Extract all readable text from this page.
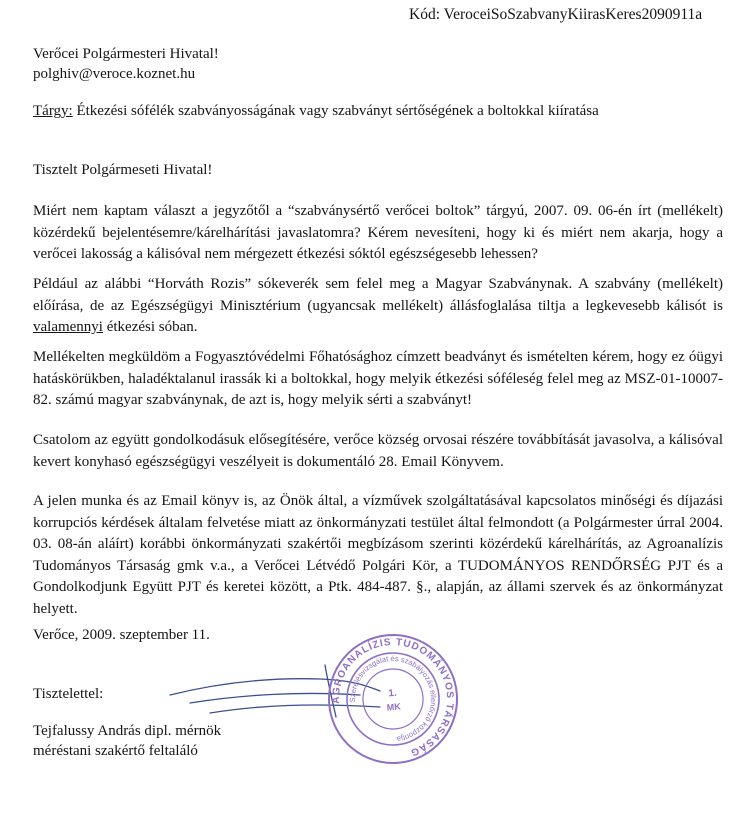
Kód: VeroceiSoSzabvanyKiirasKeres2090911a
Verőcei Polgármesteri Hivatal!
polghiv@veroce.koznet.hu
Tárgy: Étkezési sófélék szabványosságának vagy szabványt sértőségének a boltokkal kiíratása
Tisztelt Polgármeseti Hivatal!
Miért nem kaptam választ a jegyzőtől a “szabványsértő verőcei boltok” tárgyú, 2007. 09. 06-én írt (mellékelt) közérdekű bejelentésemre/kárelhárítási javaslatomra? Kérem nevesíteni, hogy ki és miért nem akarja, hogy a verőcei lakosság a kálisóval nem mérgezett étkezési sóktól egészségesebb lehessen?
Például az alábbi “Horváth Rozis” sókeverék sem felel meg a Magyar Szabványnak. A szabvány (mellékelt) előírása, de az Egészségügyi Minisztérium (ugyancsak mellékelt) állásfoglalása tiltja a legkevesebb kálisót is valamennyi étkezési sóban.
Mellékelten megküldöm a Fogyasztóvédelmi Főhatósághoz címzett beadványt és ismételten kérem, hogy ez óügyi hatáskörükben, haladéktalanul irassák ki a boltokkal, hogy melyik étkezési sóféleség felel meg az MSZ-01-10007-82. számú magyar szabványnak, de azt is, hogy melyik sérti a szabványt!
Csatolom az együtt gondolkodásuk elősegítésére, verőce község orvosai részére továbbítását javasolva, a kálisóval kevert konyhasó egészségügyi veszélyeit is dokumentáló 28. Email Könyvem.
A jelen munka és az Email könyv is, az Önök által, a vízművek szolgáltatásával kapcsolatos minőségi és díjazási korrupciós kérdések általam felvetése miatt az önkormányzati testület által felmondott (a Polgármester úrral 2004. 03. 08-án aláírt) korábbi önkormányzati szakértői megbízásom szerinti közérdekű kárelhárítás, az Agroanalízis Tudományos Társaság gmk v.a., a Verőcei Létvédő Polgári Kör, a TUDOMÁNYOS RENDŐRSÉG PJT és a Gondolkodjunk Együtt PJT és keretei között, a Ptk. 484-487. §., alapján, az állami szervek és az önkormányzat helyett.
Verőce, 2009. szeptember 11.
Tisztelettel:
Tejfalussy András dipl. mérnök
méréstani szakértő feltaláló
AGROANALÍZIS TUDOMÁNYOS TÁRSASÁG
Szerelésvizsgálat és szabályozás ellenőrző központja
1.
MK
